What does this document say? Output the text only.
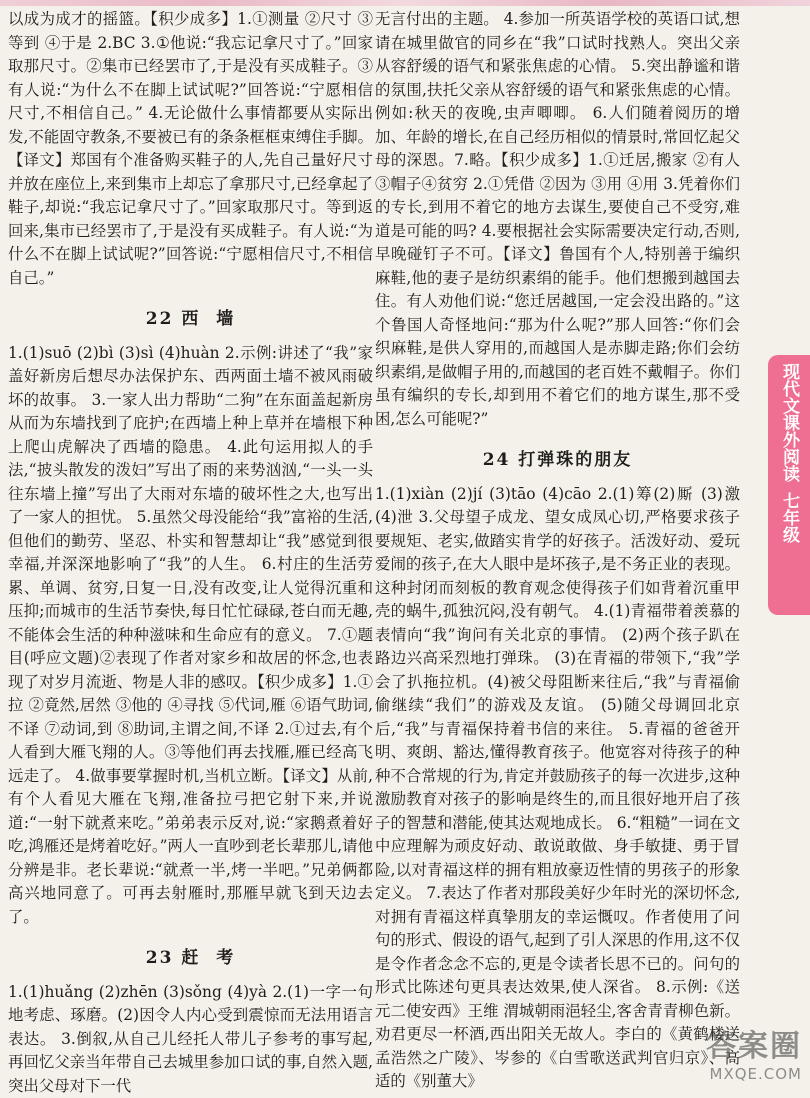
以成为成才的摇篮。【积少成多】1.①测量 ②尺寸 ③等到 ④于是 2.BC 3.①他说:“我忘记拿尺寸了。”回家取那尺寸。②集市已经罢市了,于是没有买成鞋子。③有人说:“为什么不在脚上试试呢?”回答说:“宁愿相信尺寸,不相信自己。” 4.无论做什么事情都要从实际出发,不能固守教条,不要被已有的条条框框束缚住手脚。【译文】郑国有个准备购买鞋子的人,先自己量好尺寸并放在座位上,来到集市上却忘了拿那尺寸,已经拿起了鞋子,却说:“我忘记拿尺寸了。”回家取那尺寸。等到返回来,集市已经罢市了,于是没有买成鞋子。有人说:“为什么不在脚上试试呢?”回答说:“宁愿相信尺寸,不相信自己。”

22 西  墙

1.(1)suō (2)bì (3)sì (4)huàn 2.示例:讲述了“我”家盖好新房后想尽办法保护东、西两面土墙不被风雨破坏的故事。 3.一家人出力帮助“二狗”在东面盖起新房从而为东墙找到了庇护;在西墙上种上草并在墙根下种上爬山虎解决了西墙的隐患。 4.此句运用拟人的手法,“披头散发的泼妇”写出了雨的来势汹汹,“一头一头往东墙上撞”写出了大雨对东墙的破坏性之大,也写出了一家人的担忧。 5.虽然父母没能给“我”富裕的生活,但他们的勤劳、坚忍、朴实和智慧却让“我”感觉到很幸福,并深深地影响了“我”的人生。 6.村庄的生活劳累、单调、贫穷,日复一日,没有改变,让人觉得沉重和压抑;而城市的生活节奏快,每日忙忙碌碌,苍白而无趣,不能体会生活的种种滋味和生命应有的意义。 7.①题目(呼应文题)②表现了作者对家乡和故居的怀念,也表现了对岁月流逝、物是人非的感叹。【积少成多】1.①拉 ②竟然,居然 ③他的 ④寻找 ⑤代词,雁 ⑥语气助词,不译 ⑦动词,到 ⑧助词,主谓之间,不译 2.①过去,有个人看到大雁飞翔的人。③等他们再去找雁,雁已经高飞远走了。 4.做事要掌握时机,当机立断。【译文】从前,有个人看见大雁在飞翔,准备拉弓把它射下来,并说道:“一射下就煮来吃。”弟弟表示反对,说:“家鹅煮着好吃,鸿雁还是烤着吃好。”两人一直吵到老长辈那儿,请他分辨是非。老长辈说:“就煮一半,烤一半吧。”兄弟俩都高兴地同意了。可再去射雁时,那雁早就飞到天边去了。

23 赶  考

1.(1)huǎng (2)zhēn (3)sǒng (4)yà 2.(1)一字一句地考虑、琢磨。(2)因令人内心受到震惊而无法用语言表达。 3.倒叙,从自己儿经托人带儿子参考的事写起,再回忆父亲当年带自己去城里参加口试的事,自然入题,突出父母对下一代

无言付出的主题。 4.参加一所英语学校的英语口试,想请在城里做官的同乡在“我”口试时找熟人。突出父亲从容舒缓的语气和紧张焦虑的心情。 5.突出静谧和谐的氛围,扶托父亲从容舒缓的语气和紧张焦虑的心情。例如:秋天的夜晚,虫声唧唧。 6.人们随着阅历的增加、年龄的增长,在自己经历相似的情景时,常回忆起父母的深恩。7.略。【积少成多】1.①迁居,搬家 ②有人 ③帽子④贫穷 2.①凭借 ②因为 ③用 ④用 3.凭着你们的专长,到用不着它的地方去谋生,要使自己不受穷,难道是可能的吗? 4.要根据社会实际需要决定行动,否则,早晚碰钉子不可。【译文】鲁国有个人,特别善于编织麻鞋,他的妻子是纺织素绢的能手。他们想搬到越国去住。有人劝他们说:“您迁居越国,一定会没出路的。”这个鲁国人奇怪地问:“那为什么呢?”那人回答:“你们会织麻鞋,是供人穿用的,而越国人是赤脚走路;你们会纺织素绢,是做帽子用的,而越国的老百姓不戴帽子。你们虽有编织的专长,却到用不着它们的地方谋生,那不受困,怎么可能呢?”

24 打弹珠的朋友

1.(1)xiàn (2)jí (3)tāo (4)cāo 2.(1)筹(2)厮 (3)激 (4)泄 3.父母望子成龙、望女成凤心切,严格要求孩子要规矩、老实,做踏实肯学的好孩子。活泼好动、爱玩爱闹的孩子,在大人眼中是坏孩子,是不务正业的表现。这种封闭而刻板的教育观念使得孩子们如背着沉重甲壳的蜗牛,孤独沉闷,没有朝气。 4.(1)青福带着羡慕的表情向“我”询问有关北京的事情。 (2)两个孩子趴在路边兴高采烈地打弹珠。 (3)在青福的带领下,“我”学会了扒拖拉机。(4)被父母阻断来往后,“我”与青福偷偷继续“我们”的游戏及友谊。 (5)随父母调回北京后,“我”与青福保持着书信的来往。 5.青福的爸爸开明、爽朗、豁达,懂得教育孩子。他宽容对待孩子的种种不合常规的行为,肯定并鼓励孩子的每一次进步,这种激励教育对孩子的影响是终生的,而且很好地开启了孩子的智慧和潜能,使其达观地成长。 6.“粗糙”一词在文中应理解为顽皮好动、敢说敢做、身手敏捷、勇于冒险,以对青福这样的拥有粗放豪迈性情的男孩子的形象定义。 7.表达了作者对那段美好少年时光的深切怀念,对拥有青福这样真挚朋友的幸运慨叹。作者使用了问句的形式、假设的语气,起到了引人深思的作用,这不仅是令作者念念不忘的,更是令读者长思不已的。问句的形式比陈述句更具表达效果,使人深省。 8.示例:《送元二使安西》王维 渭城朝雨浥轻尘,客舍青青柳色新。劝君更尽一杯酒,西出阳关无故人。李白的《黄鹤楼送孟浩然之广陵》、岑参的《白雪歌送武判官归京》、高适的《别董大》

现代文课外阅读
七年级
答案圈
MXQE.COM
